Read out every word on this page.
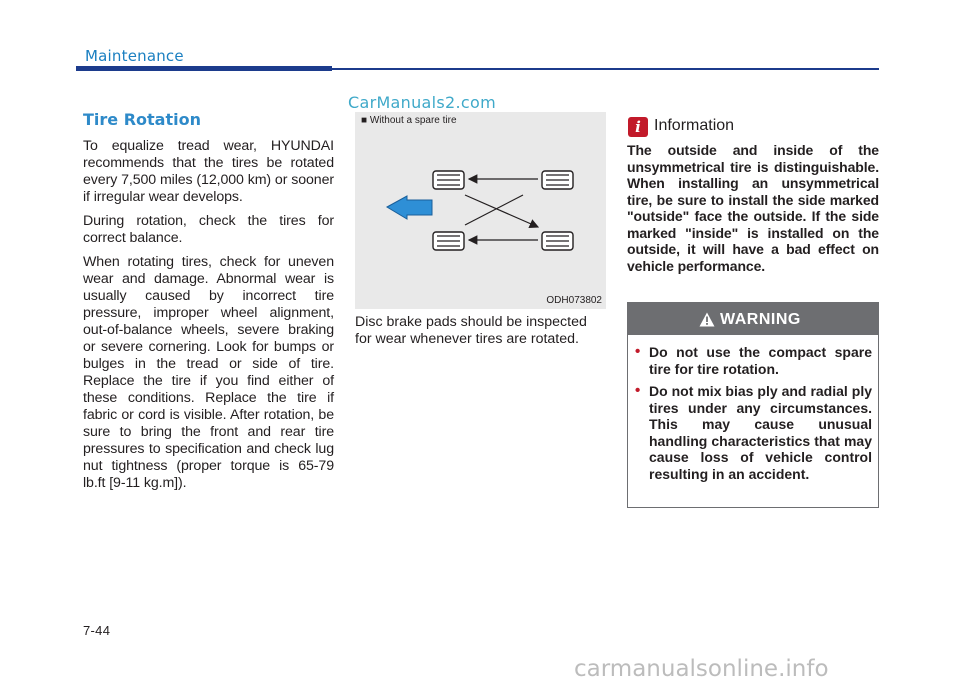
Maintenance
CarManuals2.com
Tire Rotation

To equalize tread wear, HYUNDAI recommends that the tires be rotated every 7,500 miles (12,000 km) or sooner if irregular wear develops.

During rotation, check the tires for correct balance.

When rotating tires, check for uneven wear and damage. Abnormal wear is usually caused by incorrect tire pressure, improper wheel alignment, out-of-balance wheels, severe braking or severe cornering. Look for bumps or bulges in the tread or side of tire. Replace the tire if you find either of these conditions. Replace the tire if fabric or cord is visible. After rotation, be sure to bring the front and rear tire pressures to specification and check lug nut tightness (proper torque is 65-79 lb.ft [9-11 kg.m]).

■ Without a spare tire
ODH073802
Disc brake pads should be inspected for wear whenever tires are rotated.
i Information
The outside and inside of the unsymmetrical tire is distinguishable. When installing an unsymmetrical tire, be sure to install the side marked "outside" face the outside. If the side marked "inside" is installed on the outside, it will have a bad effect on vehicle performance.
WARNING
• Do not use the compact spare tire for tire rotation.
• Do not mix bias ply and radial ply tires under any circumstances. This may cause unusual handling characteristics that may cause loss of vehicle control resulting in an accident.
7-44
carmanualsonline.info
